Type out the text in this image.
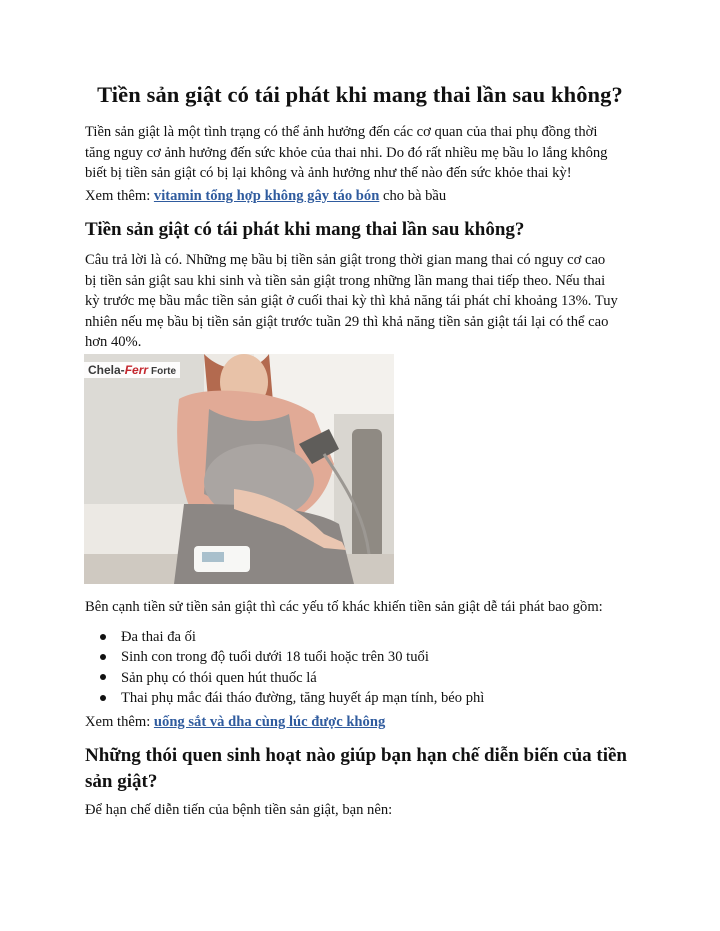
Tiền sản giật có tái phát khi mang thai lần sau không?

Tiền sản giật là một tình trạng có thể ảnh hưởng đến các cơ quan của thai phụ đồng thời
tăng nguy cơ ảnh hưởng đến sức khỏe của thai nhi. Do đó rất nhiều mẹ bầu lo lắng không
biết bị tiền sản giật có bị lại không và ảnh hưởng như thế nào đến sức khỏe thai kỳ!

Xem thêm: vitamin tổng hợp không gây táo bón cho bà bầu

Tiền sản giật có tái phát khi mang thai lần sau không?

Câu trả lời là có. Những mẹ bầu bị tiền sản giật trong thời gian mang thai có nguy cơ cao
bị tiền sản giật sau khi sinh và tiền sản giật trong những lần mang thai tiếp theo. Nếu thai
kỳ trước mẹ bầu mắc tiền sản giật ở cuối thai kỳ thì khả năng tái phát chỉ khoảng 13%. Tuy
nhiên nếu mẹ bầu bị tiền sản giật trước tuần 29 thì khả năng tiền sản giật tái lại có thể cao
hơn 40%.

Chela-Ferr Forte

Bên cạnh tiền sử tiền sản giật thì các yếu tố khác khiến tiền sản giật dễ tái phát bao gồm:

Đa thai đa ối
Sinh con trong độ tuổi dưới 18 tuổi hoặc trên 30 tuổi
Sản phụ có thói quen hút thuốc lá
Thai phụ mắc đái tháo đường, tăng huyết áp mạn tính, béo phì

Xem thêm: uống sắt và dha cùng lúc được không

Những thói quen sinh hoạt nào giúp bạn hạn chế diễn biến của tiền
sản giật?

Để hạn chế diễn tiến của bệnh tiền sản giật, bạn nên:
